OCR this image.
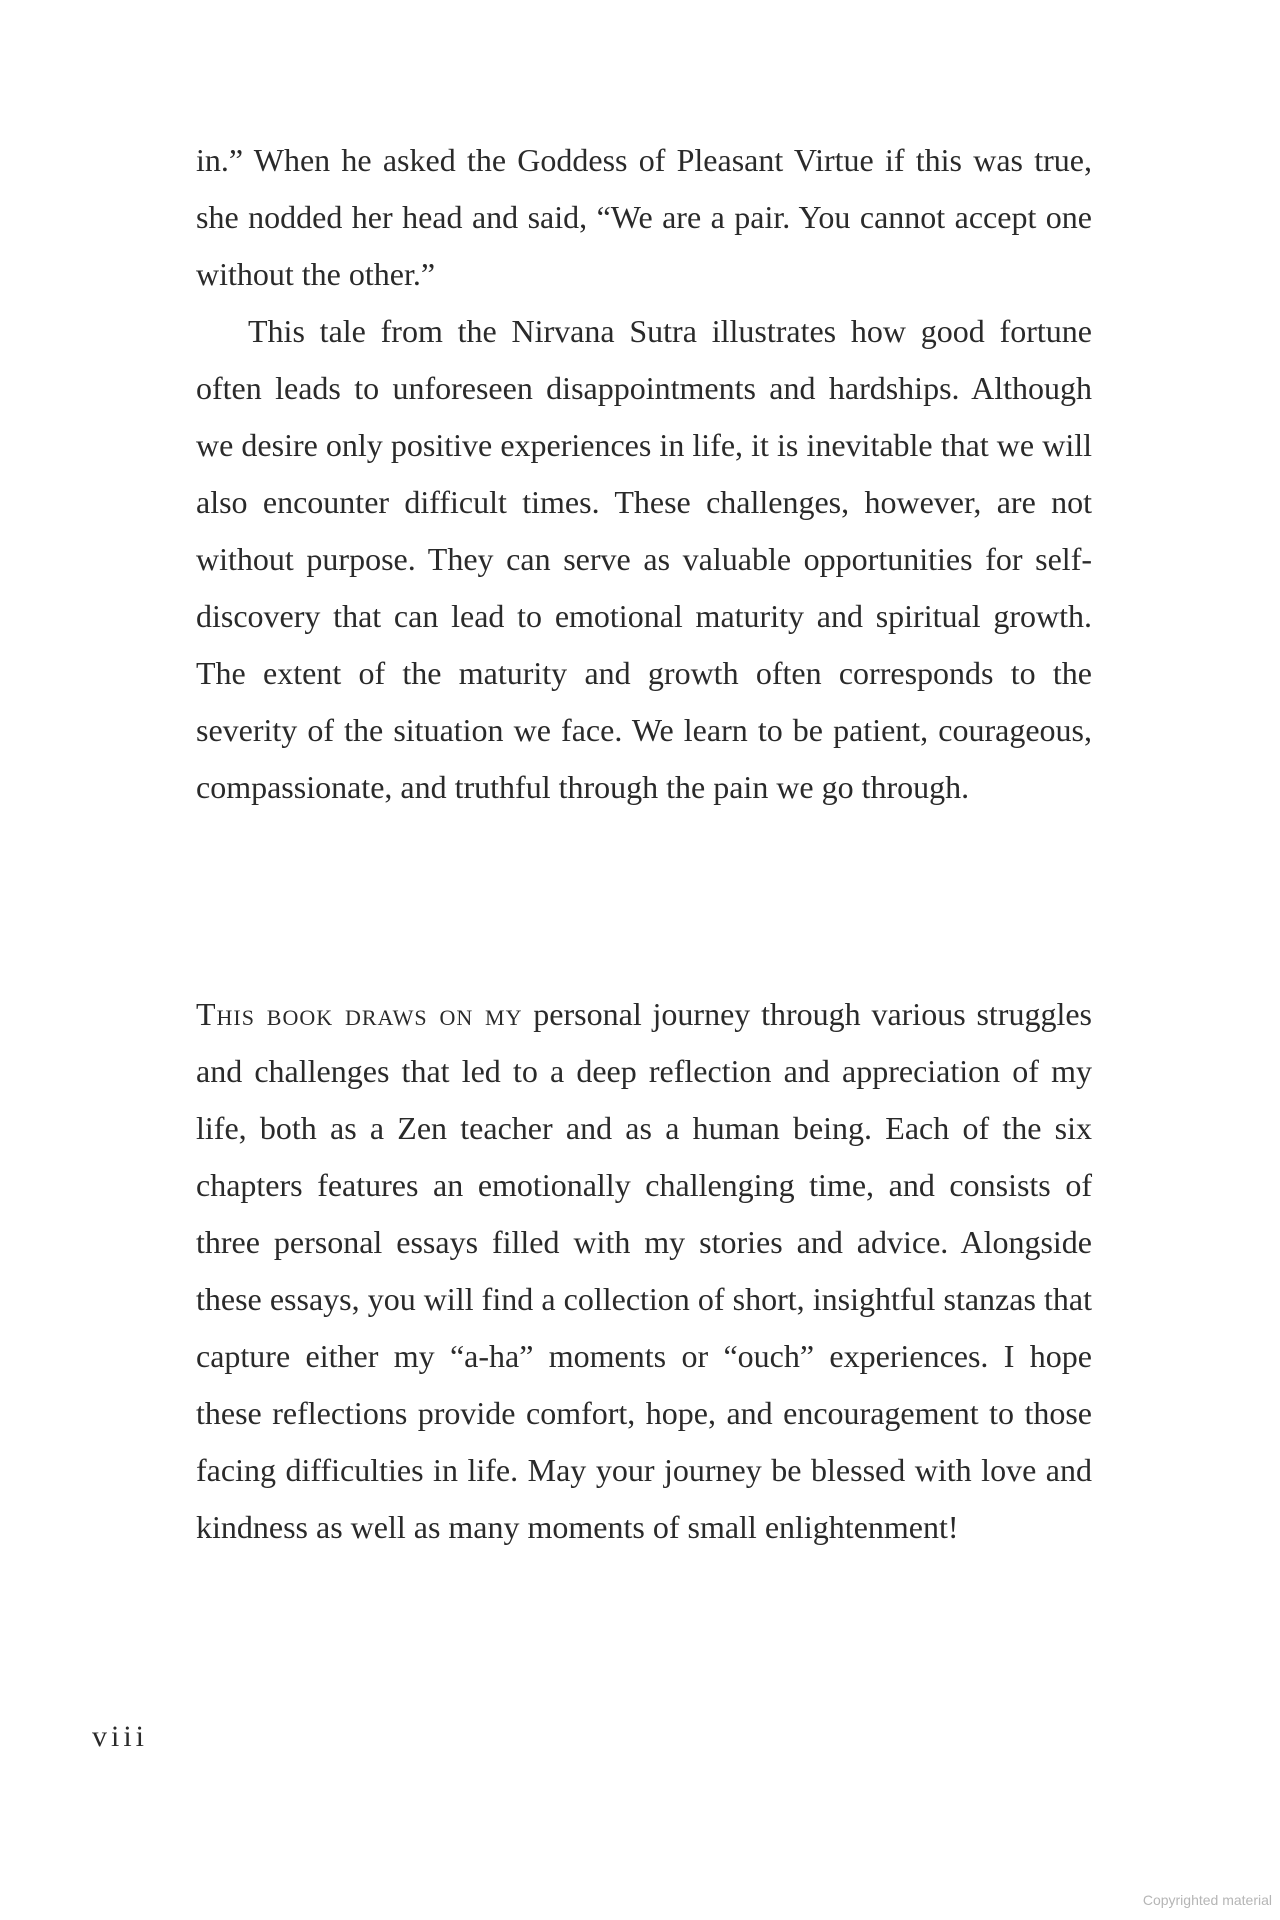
in.” When he asked the Goddess of Pleasant Virtue if this was true, she nodded her head and said, “We are a pair. You cannot accept one without the other.”

This tale from the Nirvana Sutra illustrates how good fortune often leads to unforeseen disappointments and hardships. Although we desire only positive experiences in life, it is inevitable that we will also encounter difficult times. These challenges, however, are not without purpose. They can serve as valuable opportunities for self-discovery that can lead to emotional maturity and spiritual growth. The extent of the maturity and growth often corresponds to the severity of the situation we face. We learn to be patient, courageous, compassionate, and truthful through the pain we go through.

This book draws on my personal journey through various struggles and challenges that led to a deep reflection and appreciation of my life, both as a Zen teacher and as a human being. Each of the six chapters features an emotionally challenging time, and consists of three personal essays filled with my stories and advice. Alongside these essays, you will find a collection of short, insightful stanzas that capture either my “a-ha” moments or “ouch” experiences. I hope these reflections provide comfort, hope, and encouragement to those facing difficulties in life. May your journey be blessed with love and kindness as well as many moments of small enlightenment!

viii

Copyrighted material
